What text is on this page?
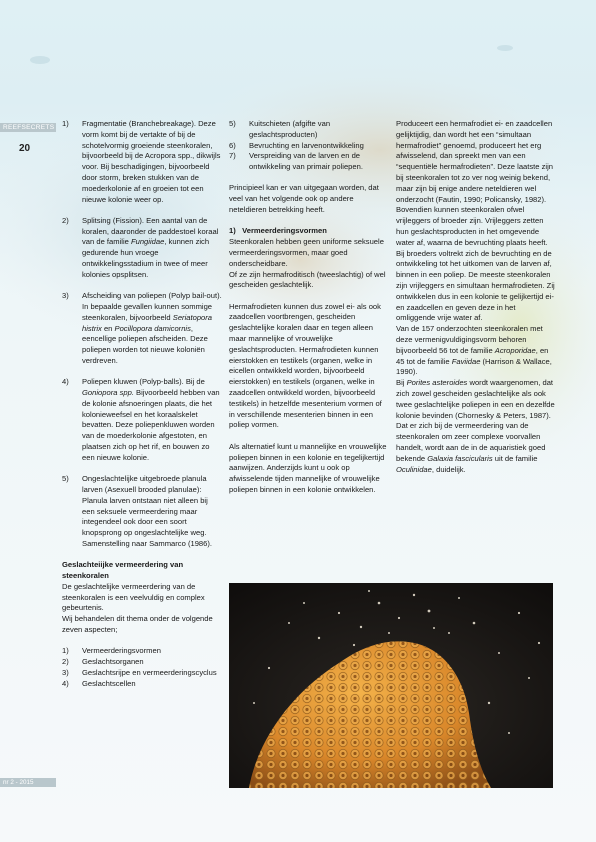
REEFSECRETS
20
nr 2 - 2015
1)	Fragmentatie (Branchebreakage). Deze vorm komt bij de vertakte of bij de schotelvormig groeiende steenkoralen, bijvoorbeeld bij de Acropora spp., dikwijls voor. Bij beschadigingen, bijvoorbeeld door storm, breken stukken van de moederkolonie af en groeien tot een nieuwe kolonie weer op.
2)	Splitsing (Fission). Een aantal van de koralen, daaronder de paddestoel koraal van de familie Fungiidae, kunnen zich gedurende hun vroege ontwikkelingsstadium in twee of meer kolonies opsplitsen.
3)	Afscheiding van poliepen (Polyp bail-out). In bepaalde gevallen kunnen sommige steenkoralen, bijvoorbeeld Seriatopora histrix en Pocillopora damicornis, eencellige poliepen afscheiden. Deze poliepen worden tot nieuwe koloniën verdreven.
4)	Poliepen kluwen (Polyp-balls). Bij de Goniopora spp. Bijvoorbeeld hebben van de kolonie afsnoeringen plaats, die het kolonieweefsel en het koraalskelet bevatten. Deze poliepenkluwen worden van de moederkolonie afgestoten, en plaatsen zich op het rif, en bouwen zo een nieuwe kolonie.
5)	Ongeslachtelijke uitgebroede planula larven (Asexuell brooded planulae): Planula larven ontstaan niet alleen bij een seksuele vermeerdering maar integendeel ook door een soort knopsprong op ongeslachtelijke weg. Samenstelling naar Sammarco (1986).
Geslachteiijke vermeerdering van steenkoralen

De geslachtelijke vermeerdering van de steenkoralen is een veelvuldig en complex gebeurtenis.

Wij behandelen dit thema onder de volgende zeven aspecten;

1)	Vermeerderingsvormen
2)	Geslachtsorganen
3)	Geslachtsrijpe en vermeerderingscyclus
4)	Geslachtscellen
5)	Kuitschieten (afgifte van geslachtsproducten)
6)	Bevruchting en larvenontwikkeling
7)	Verspreiding van de larven en de ontwikkeling van primair poliepen.

Principieel kan er van uitgegaan worden, dat veel van het volgende ook op andere neteldieren betrekking heeft.

1)   Vermeerderingsvormen

Steenkoralen hebben geen uniforme seksuele vermeerderingsvormen, maar goed onderscheidbare.

Of ze zijn hermafroditisch (tweeslachtig) of wel gescheiden geslachtelijk.

Hermafrodieten kunnen dus zowel ei- als ook zaadcellen voortbrengen, gescheiden geslachtelijke koralen daar en tegen alleen maar mannelijke of vrouwelijke geslachtsproducten. Hermafrodieten kunnen eierstokken en testikels (organen, welke in eicellen ontwikkeld worden, bijvoorbeeld eierstokken) en testikels (organen, welke in zaadcellen ontwikkeld worden, bijvoorbeeld testikels) in hetzelfde mesenterium vormen of in verschillende mesenterien binnen in een poliep vormen.

Als alternatief kunt u mannelijke en vrouwelijke poliepen binnen in een kolonie en tegelijkertijd aanwijzen. Anderzijds kunt u ook op afwisselende tijden mannelijke of vrouwelijke poliepen binnen in een kolonie ontwikkelen.

Produceert een hermafrodiet ei- en zaadcellen gelijktijdig, dan wordt het een “simultaan hermafrodiet” genoemd, produceert het erg afwisselend, dan spreekt men van een “sequentiële hermafrodieten”. Deze laatste zijn bij steenkoralen tot zo ver nog weinig bekend, maar zijn bij enige andere neteldieren wel onderzocht (Fautin, 1990; Policansky, 1982). Bovendien kunnen steenkoralen ofwel vrijleggers of broeder zijn. Vrijleggers zetten hun geslachtsproducten in het omgevende water af, waarna de bevruchting plaats heeft. Bij broeders voltrekt zich de bevruchting en de ontwikkeling tot het uitkomen van de larven af, binnen in een poliep. De meeste steenkoralen zijn vrijleggers en simultaan hermafrodieten. Zij ontwikkelen dus in een kolonie te gelijkertijd ei- en zaadcellen en geven deze in het omliggende vrije water af.

Van de 157 onderzochten steenkoralen met deze vermenigvuldigingsvorm behoren bijvoorbeeld 56 tot de familie Acroporidae, en 45 tot de familie Faviidae (Harrison & Wallace, 1990).

Bij Porites asteroides wordt waargenomen, dat zich zowel gescheiden geslachtelijke als ook twee geslachtelijke poliepen in een en dezelfde kolonie bevinden (Chornesky & Peters, 1987). Dat er zich bij de vermeerdering van de steenkoralen om zeer complexe voorvallen handelt, wordt aan de in de aquaristiek goed bekende Galaxia fascicularis uit de familie Oculinidae, duidelijk.
